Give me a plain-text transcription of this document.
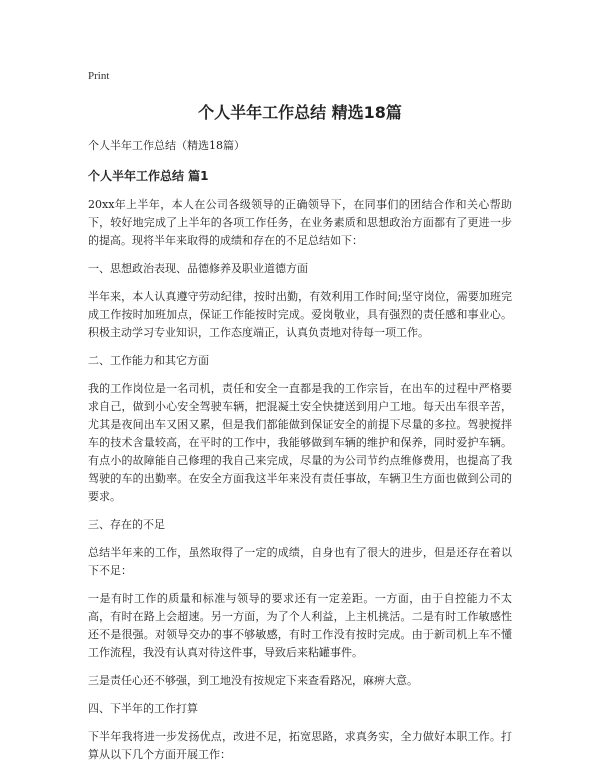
Print
个人半年工作总结 精选18篇
个人半年工作总结（精选18篇）
个人半年工作总结 篇1

20xx年上半年，本人在公司各级领导的正确领导下，在同事们的团结合作和关心帮助下，较好地完成了上半年的各项工作任务，在业务素质和思想政治方面都有了更进一步的提高。现将半年来取得的成绩和存在的不足总结如下：

一、思想政治表现、品德修养及职业道德方面

半年来，本人认真遵守劳动纪律，按时出勤，有效利用工作时间;坚守岗位，需要加班完成工作按时加班加点，保证工作能按时完成。爱岗敬业，具有强烈的责任感和事业心。积极主动学习专业知识，工作态度端正，认真负责地对待每一项工作。

二、工作能力和其它方面

我的工作岗位是一名司机，责任和安全一直都是我的工作宗旨，在出车的过程中严格要求自己，做到小心安全驾驶车辆，把混凝土安全快捷送到用户工地。每天出车很辛苦，尤其是夜间出车又困又累，但是我们都能做到保证安全的前提下尽量的多拉。驾驶搅拌车的技术含量较高，在平时的工作中，我能够做到车辆的维护和保养，同时爱护车辆。有点小的故障能自己修理的我自己来完成，尽量的为公司节约点维修费用，也提高了我驾驶的车的出勤率。在安全方面我这半年来没有责任事故，车辆卫生方面也做到公司的要求。

三、存在的不足

总结半年来的工作，虽然取得了一定的成绩，自身也有了很大的进步，但是还存在着以下不足：

一是有时工作的质量和标准与领导的要求还有一定差距。一方面，由于自控能力不太高，有时在路上会超速。另一方面，为了个人利益，上主机挑活。二是有时工作敏感性还不是很强。对领导交办的事不够敏感，有时工作没有按时完成。由于新司机上车不懂工作流程，我没有认真对待这件事，导致后来粘罐事件。

三是责任心还不够强，到工地没有按规定下来查看路况，麻痹大意。

四、下半年的工作打算

下半年我将进一步发扬优点，改进不足，拓宽思路，求真务实，全力做好本职工作。打算从以下几个方面开展工作：
